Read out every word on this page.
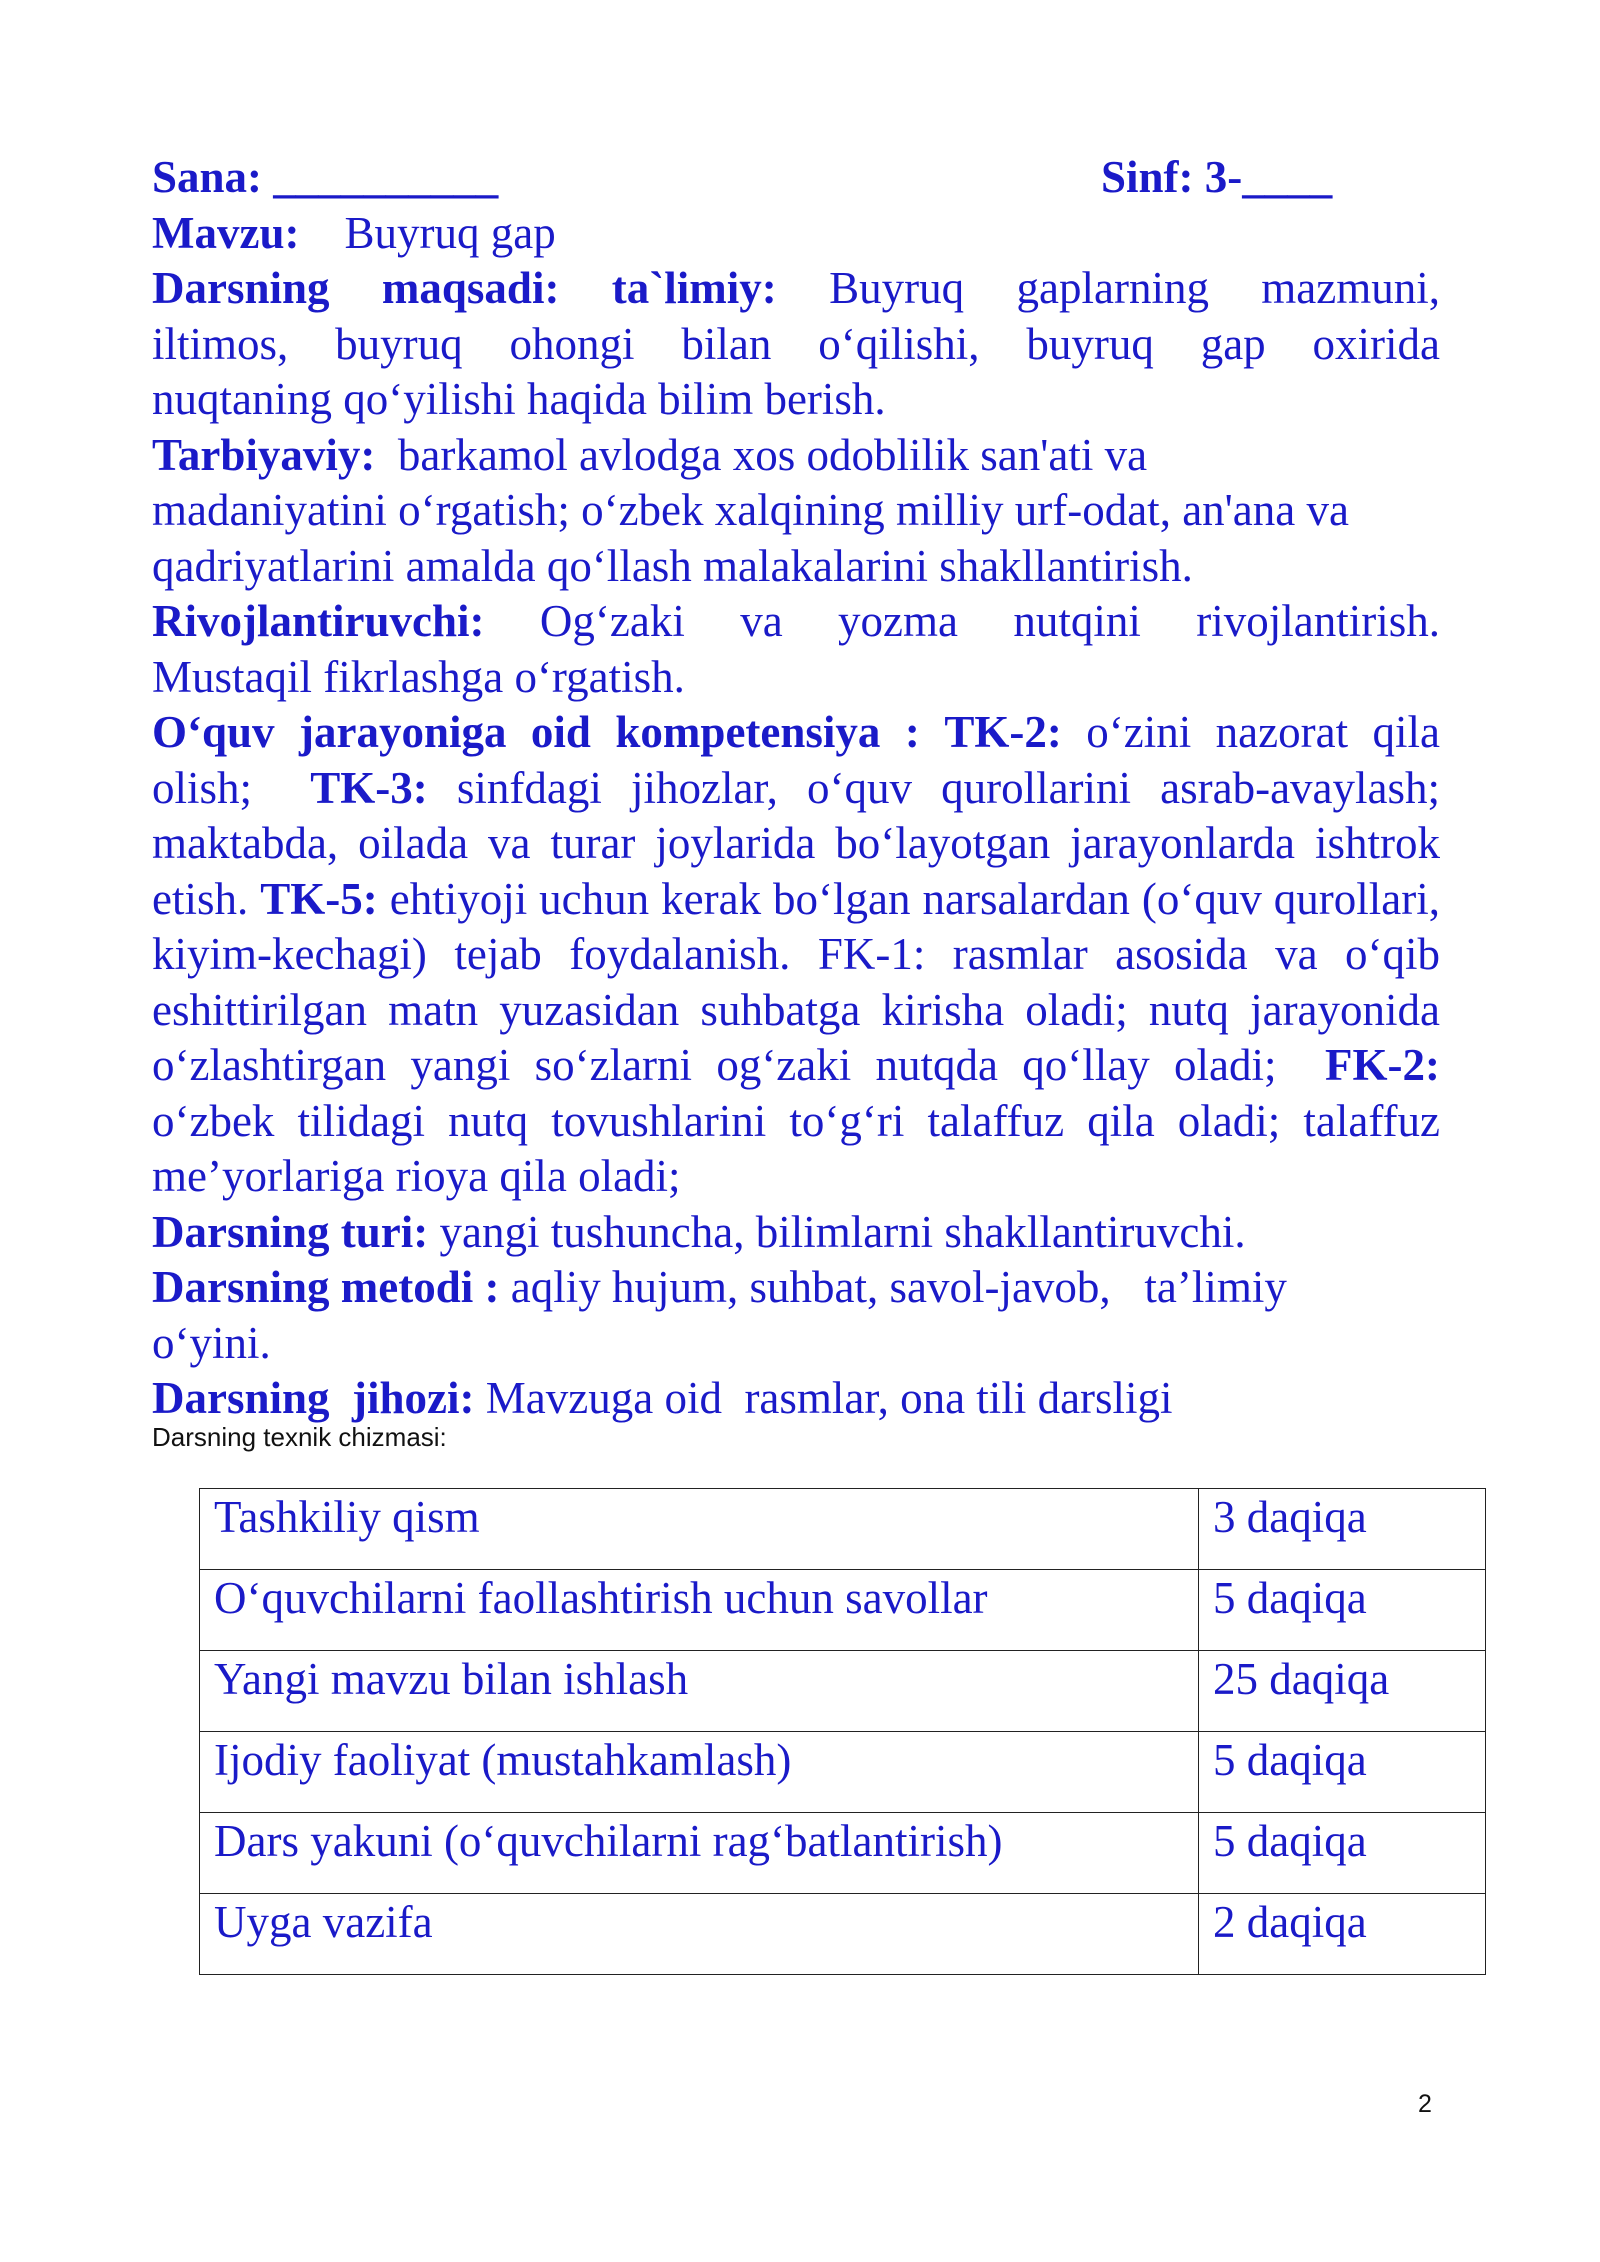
Sana: __________	Sinf: 3-____
Mavzu: Buyruq gap
Darsning maqsadi: ta`limiy: Buyruq gaplarning mazmuni,
iltimos, buyruq ohongi bilan o‘qilishi, buyruq gap oxirida
nuqtaning qo‘yilishi haqida bilim berish.
Tarbiyaviy: barkamol avlodga xos odoblilik san'ati va
madaniyatini o‘rgatish; o‘zbek xalqining milliy urf-odat, an'ana va
qadriyatlarini amalda qo‘llash malakalarini shakllantirish.
Rivojlantiruvchi: Og‘zaki va yozma nutqini rivojlantirish.
Mustaqil fikrlashga o‘rgatish.
O‘quv jarayoniga oid kompetensiya : TK-2: o‘zini nazorat qila olish; TK-3: sinfdagi jihozlar, o‘quv qurollarini asrab-avaylash; maktabda, oilada va turar joylarida bo‘layotgan jarayonlarda ishtrok etish. TK-5: ehtiyoji uchun kerak bo‘lgan narsalardan (o‘quv qurollari, kiyim-kechagi) tejab foydalanish. FK-1: rasmlar asosida va o‘qib eshittirilgan matn yuzasidan suhbatga kirisha oladi; nutq jarayonida o‘zlashtirgan yangi so‘zlarni og‘zaki nutqda qo‘llay oladi; FK-2: o‘zbek tilidagi nutq tovushlarini to‘g‘ri talaffuz qila oladi; talaffuz me’yorlariga rioya qila oladi;
Darsning turi: yangi tushuncha, bilimlarni shakllantiruvchi.
Darsning metodi : aqliy hujum, suhbat, savol-javob,   ta’limiy
o‘yini.
Darsning  jihozi: Mavzuga oid  rasmlar, ona tili darsligi
Darsning texnik chizmasi:
Tashkiliy qism	3 daqiqa
O‘quvchilarni faollashtirish uchun savollar	5 daqiqa
Yangi mavzu bilan ishlash	25 daqiqa
Ijodiy faoliyat (mustahkamlash)	5 daqiqa
Dars yakuni (o‘quvchilarni rag‘batlantirish)	5 daqiqa
Uygа vazifa	2 daqiqa
2
